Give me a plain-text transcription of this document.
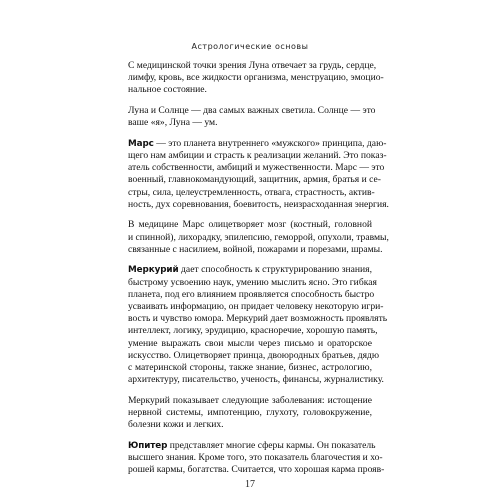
Астрологические основы

С медицинской точки зрения Луна отвечает за грудь, сердце,
лимфу, кровь, все жидкости организма, менструацию, эмоцио-
нальное состояние.

Луна и Солнце — два самых важных светила. Солнце — это
ваше «я», Луна — ум.

Марс — это планета внутреннего «мужского» принципа, даю-
щего нам амбиции и страсть к реализации желаний. Это показ-
атель собственности, амбиций и мужественности. Марс — это
военный, главнокомандующий, защитник, армия, братья и се-
стры, сила, целеустремленность, отвага, страстность, актив-
ность, дух соревнования, боевитость, неизрасходанная энергия.

В медицине Марс олицетворяет мозг (костный, головной
и спинной), лихорадку, эпилепсию, геморрой, опухоли, травмы,
связанные с насилием, войной, пожарами и порезами, шрамы.

Меркурий дает способность к структурированию знания,
быстрому усвоению наук, умению мыслить ясно. Это гибкая
планета, под его влиянием проявляется способность быстро
усваивать информацию, он придает человеку некоторую игри-
вость и чувство юмора. Меркурий дает возможность проявлять
интеллект, логику, эрудицию, красноречие, хорошую память,
умение выражать свои мысли через письмо и ораторское
искусство. Олицетворяет принца, двоюродных братьев, дядю
с материнской стороны, также знание, бизнес, астрологию,
архитектуру, писательство, ученость, финансы, журналистику.

Меркурий показывает следующие заболевания: истощение
нервной системы, импотенцию, глухоту, головокружение,
болезни кожи и легких.

Юпитер представляет многие сферы кармы. Он показатель
высшего знания. Кроме того, это показатель благочестия и хо-
рошей кармы, богатства. Считается, что хорошая карма прояв-

17
